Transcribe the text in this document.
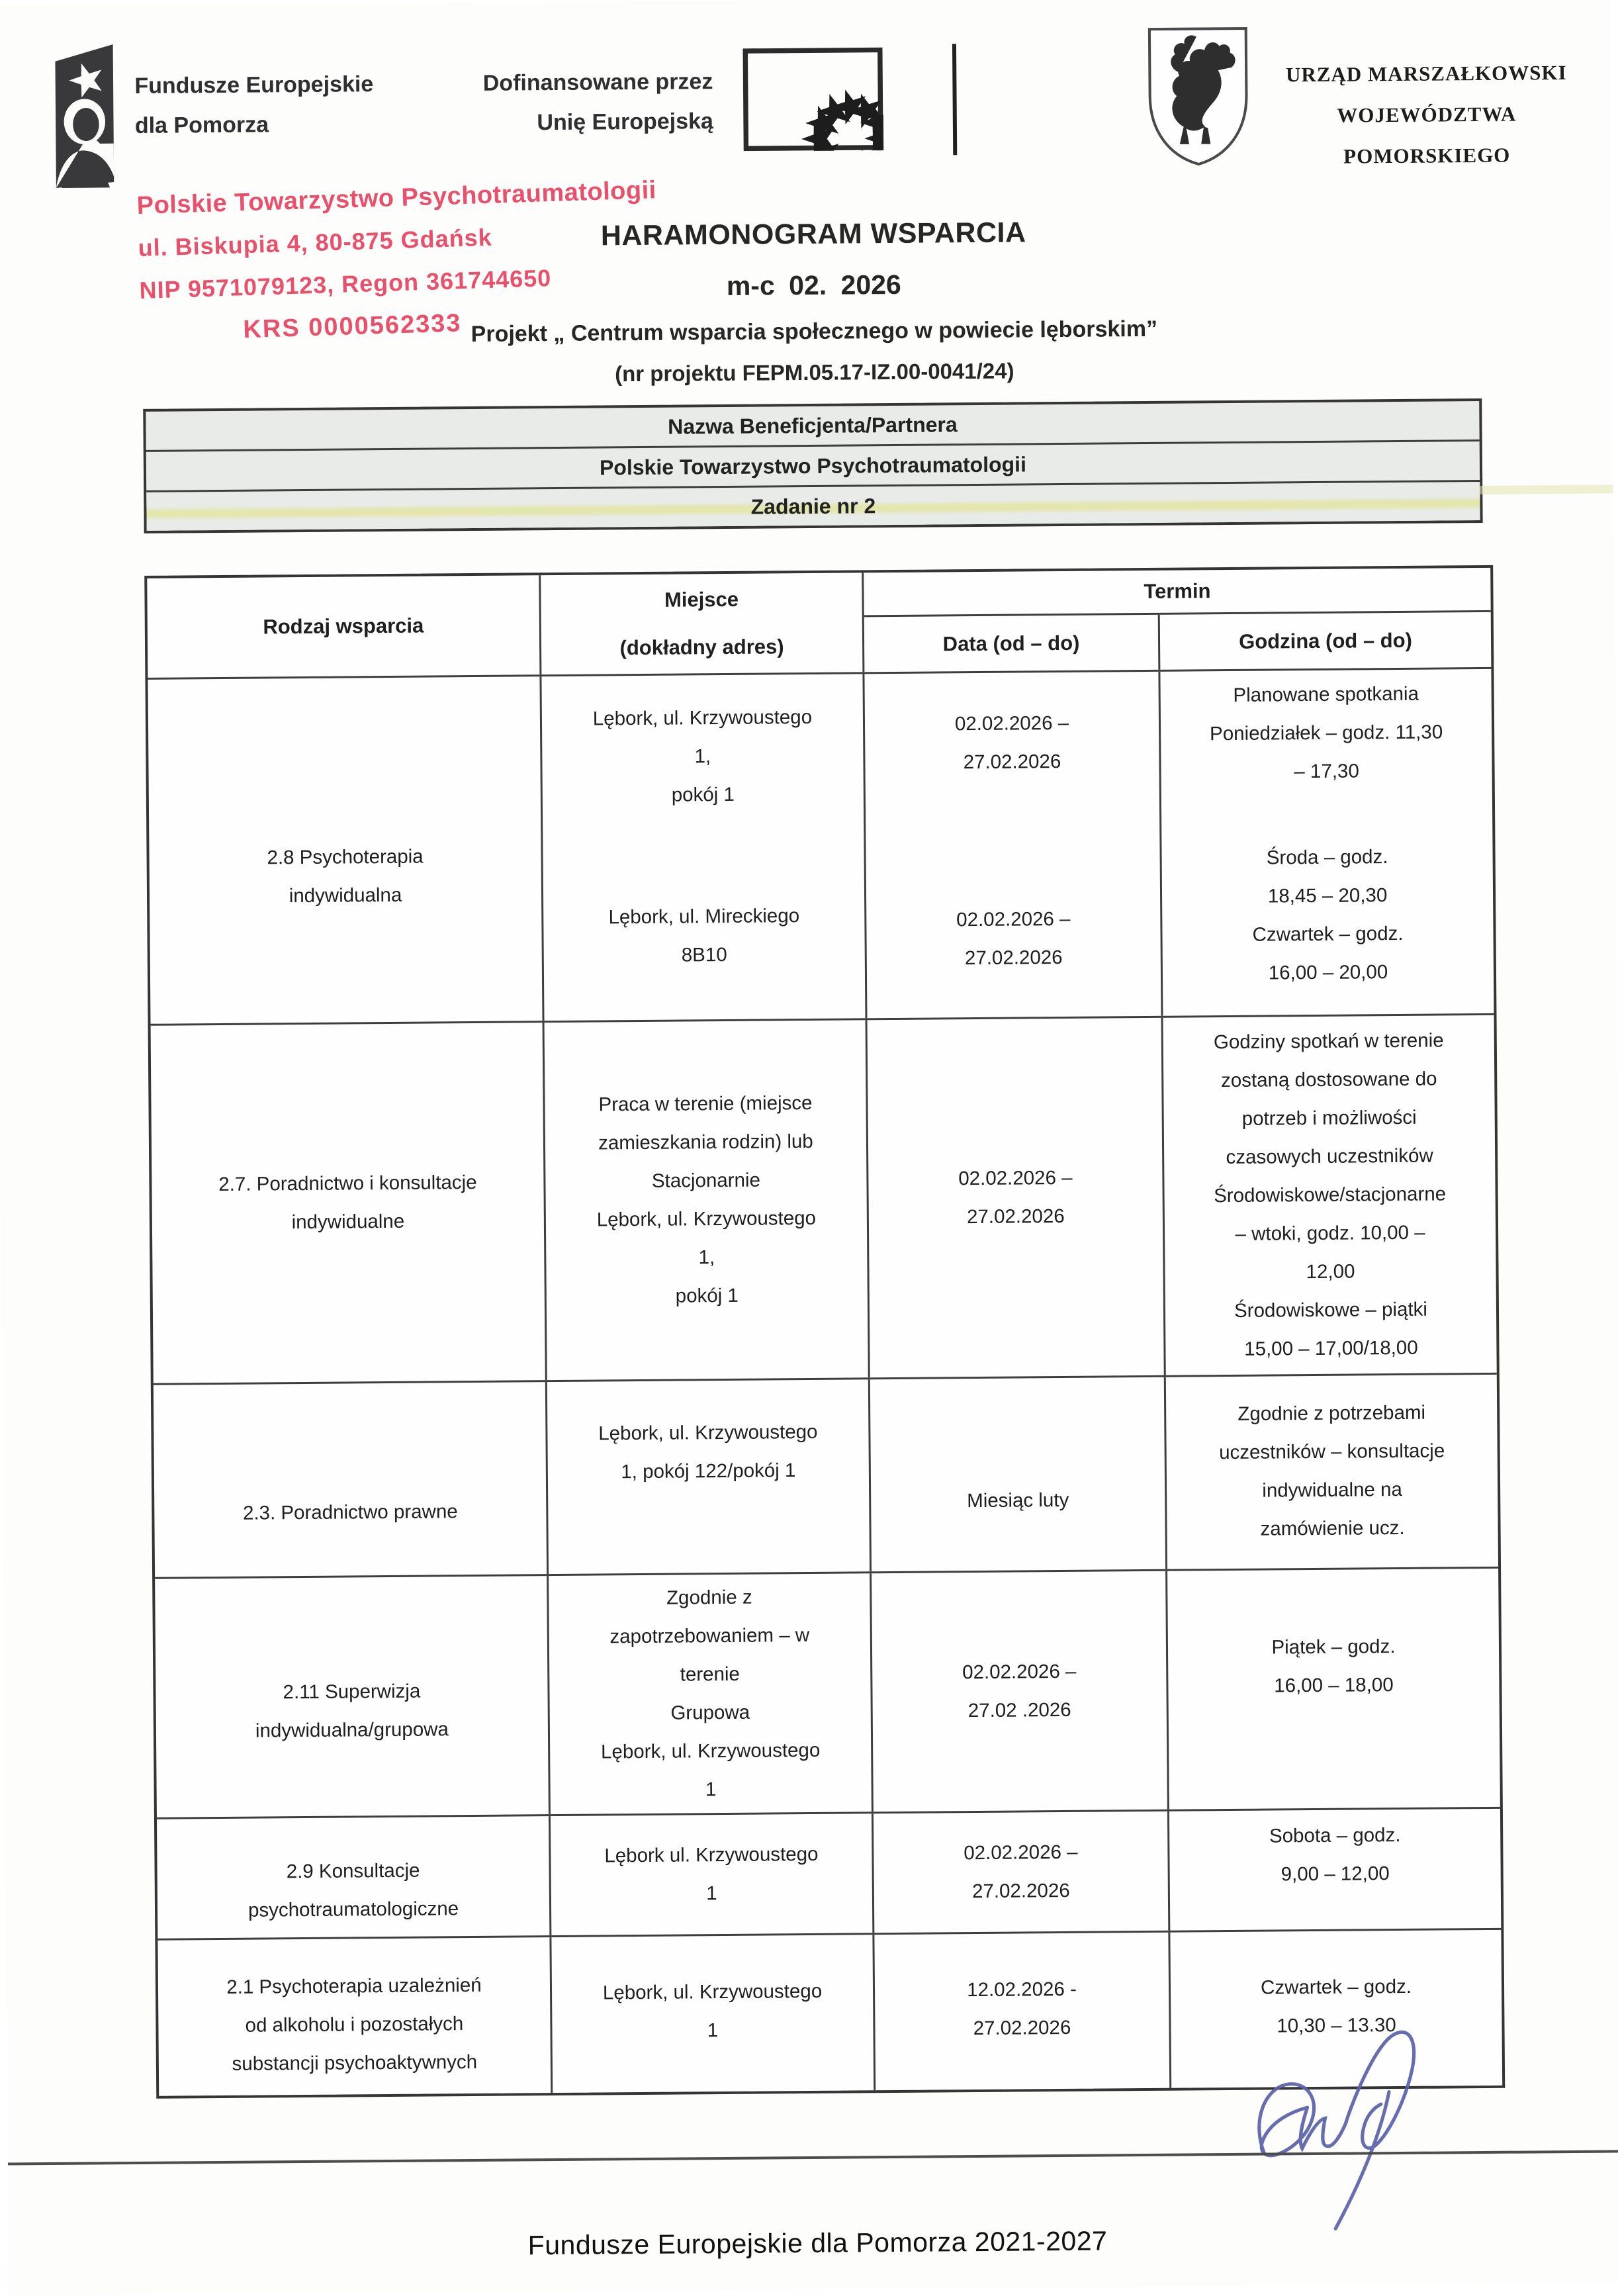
Fundusze Europejskie
dla Pomorza
Dofinansowane przez
Unię Europejską
URZĄD MARSZAŁKOWSKI
WOJEWÓDZTWA POMORSKIEGO
Polskie Towarzystwo Psychotraumatologii
ul. Biskupia 4, 80-875 Gdańsk
NIP 9571079123, Regon 361744650
KRS 0000562333
HARAMONOGRAM WSPARCIA
m-c 02. 2026
Projekt „ Centrum wsparcia społecznego w powiecie lęborskim”
(nr projektu FEPM.05.17-IZ.00-0041/24)
Nazwa Beneficjenta/Partnera
Polskie Towarzystwo Psychotraumatologii
Zadanie nr 2
Rodzaj wsparcia
Miejsce
(dokładny adres)
Termin
Data (od – do)	Godzina (od – do)
2.8 Psychoterapia
indywidualna
Lębork, ul. Krzywoustego
1,
pokój 1
Lębork, ul. Mireckiego
8B10
02.02.2026 –
27.02.2026
02.02.2026 –
27.02.2026
Planowane spotkania
Poniedziałek – godz. 11,30
– 17,30
Środa – godz.
18,45 – 20,30
Czwartek – godz.
16,00 – 20,00
2.7. Poradnictwo i konsultacje
indywidualne
Praca w terenie (miejsce
zamieszkania rodzin) lub
Stacjonarnie
Lębork, ul. Krzywoustego
1,
pokój 1
02.02.2026 –
27.02.2026
Godziny spotkań w terenie
zostaną dostosowane do
potrzeb i możliwości
czasowych uczestników
Środowiskowe/stacjonarne
– wtoki, godz. 10,00 –
12,00
Środowiskowe – piątki
15,00 – 17,00/18,00
2.3. Poradnictwo prawne
Lębork, ul. Krzywoustego
1, pokój 122/pokój 1
Miesiąc luty
Zgodnie z potrzebami
uczestników – konsultacje
indywidualne na
zamówienie ucz.
2.11 Superwizja
indywidualna/grupowa
Zgodnie z
zapotrzebowaniem – w
terenie
Grupowa
Lębork, ul. Krzywoustego
1
02.02.2026 –
27.02 .2026
Piątek – godz.
16,00 – 18,00
2.9 Konsultacje
psychotraumatologiczne
Lębork ul. Krzywoustego
1
02.02.2026 –
27.02.2026
Sobota – godz.
9,00 – 12,00
2.1 Psychoterapia uzależnień
od alkoholu i pozostałych
substancji psychoaktywnych
Lębork, ul. Krzywoustego
1
12.02.2026 -
27.02.2026
Czwartek – godz.
10,30 – 13.30
Fundusze Europejskie dla Pomorza 2021-2027
